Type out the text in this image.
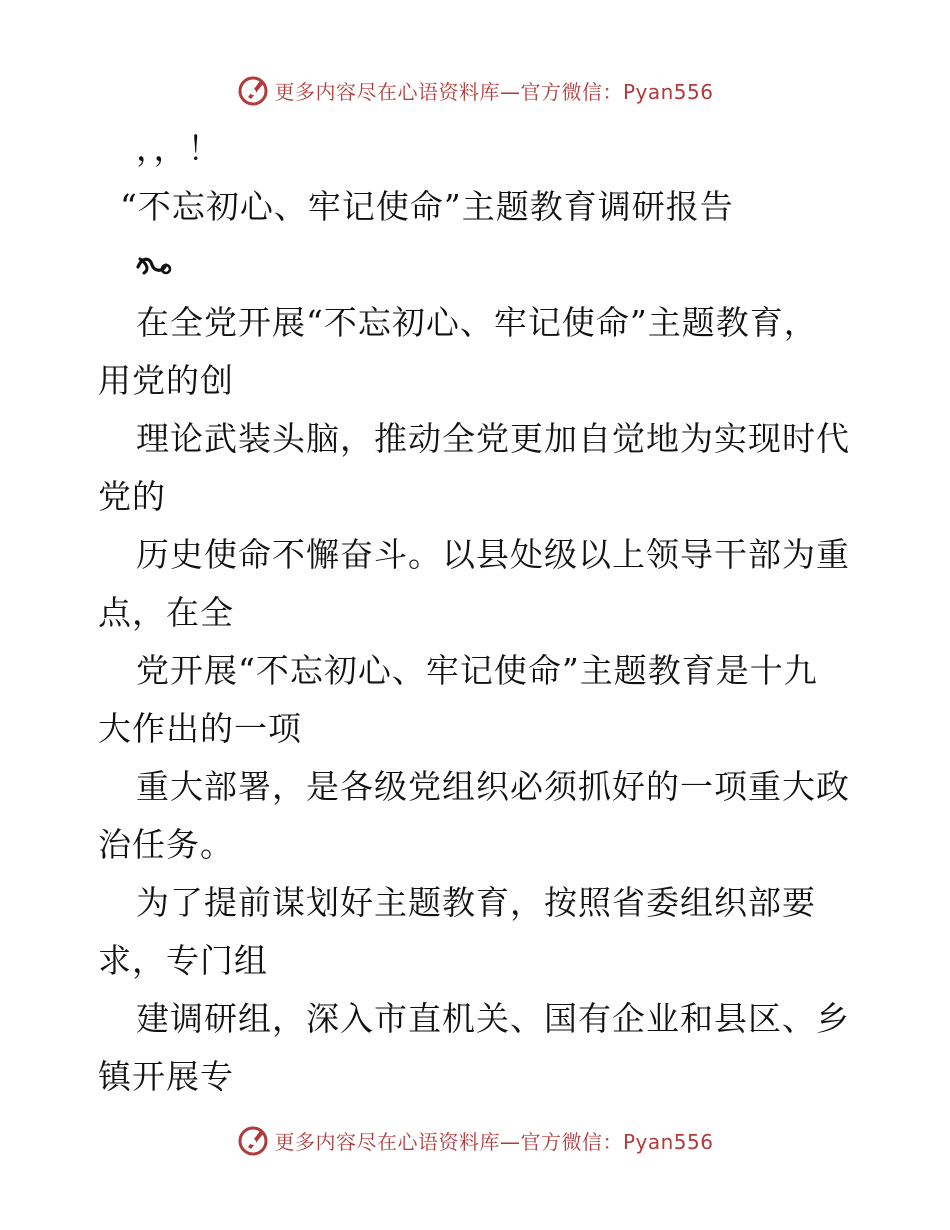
更多内容尽在心语资料库—官方微信：Pyan556
，，！
“不忘初心、牢记使命”主题教育调研报告
在全党开展“不忘初心、牢记使命”主题教育，
用党的创
理论武装头脑，推动全党更加自觉地为实现时代
党的
历史使命不懈奋斗。以县处级以上领导干部为重
点，在全
党开展“不忘初心、牢记使命”主题教育是十九
大作出的一项
重大部署，是各级党组织必须抓好的一项重大政
治任务。
为了提前谋划好主题教育，按照省委组织部要
求，专门组
建调研组，深入市直机关、国有企业和县区、乡
镇开展专
更多内容尽在心语资料库—官方微信：Pyan556
